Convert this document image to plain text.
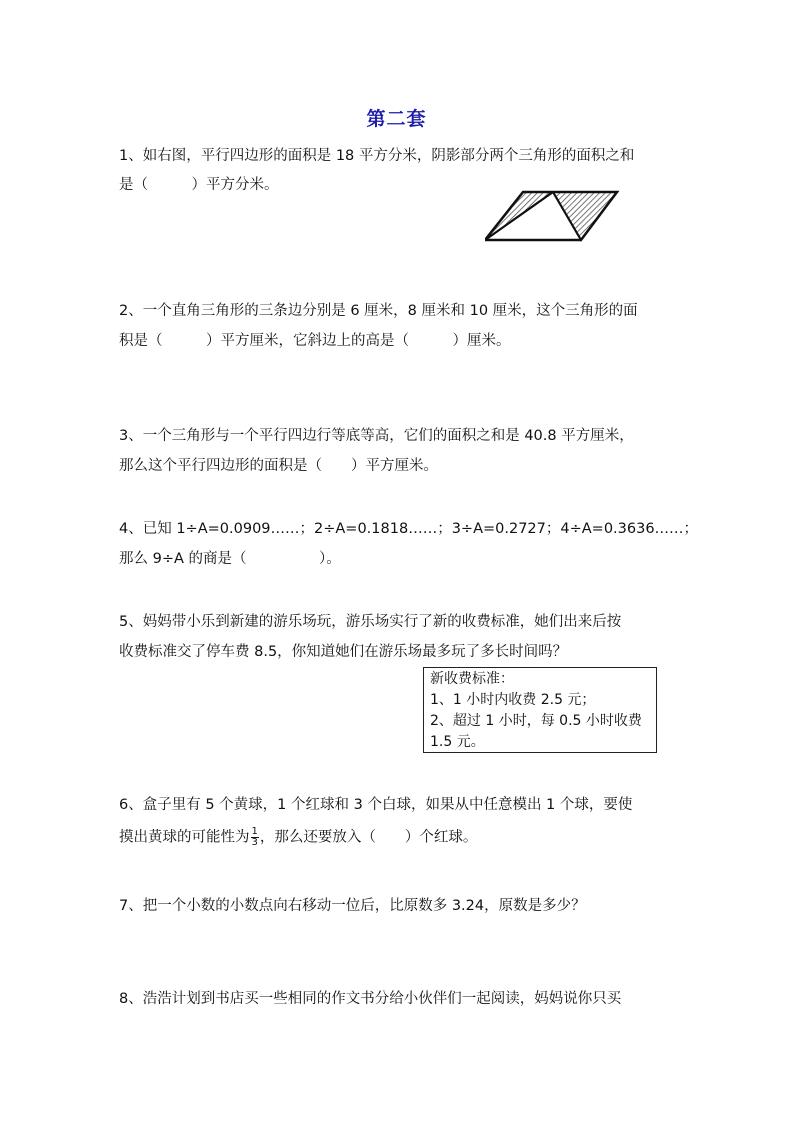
第二套
1、如右图，平行四边形的面积是 18 平方分米，阴影部分两个三角形的面积之和
是（　　　）平方分米。
2、一个直角三角形的三条边分别是 6 厘米，8 厘米和 10 厘米，这个三角形的面
积是（　　　）平方厘米，它斜边上的高是（　　　）厘米。
3、一个三角形与一个平行四边行等底等高，它们的面积之和是 40.8 平方厘米，
那么这个平行四边形的面积是（　　）平方厘米。
4、已知 1÷A=0.0909……；2÷A=0.1818……；3÷A=0.2727；4÷A=0.3636……；
那么 9÷A 的商是（　　　　　）。
5、妈妈带小乐到新建的游乐场玩，游乐场实行了新的收费标准，她们出来后按
收费标准交了停车费 8.5，你知道她们在游乐场最多玩了多长时间吗？
新收费标准：
1、1 小时内收费 2.5 元；
2、超过 1 小时，每 0.5 小时收费
1.5 元。
6、盒子里有 5 个黄球，1 个红球和 3 个白球，如果从中任意模出 1 个球，要使
摸出黄球的可能性为 $\frac{1}{3}$ ，那么还要放入（　　）个红球。
7、把一个小数的小数点向右移动一位后，比原数多 3.24，原数是多少？
8、浩浩计划到书店买一些相同的作文书分给小伙伴们一起阅读，妈妈说你只买
